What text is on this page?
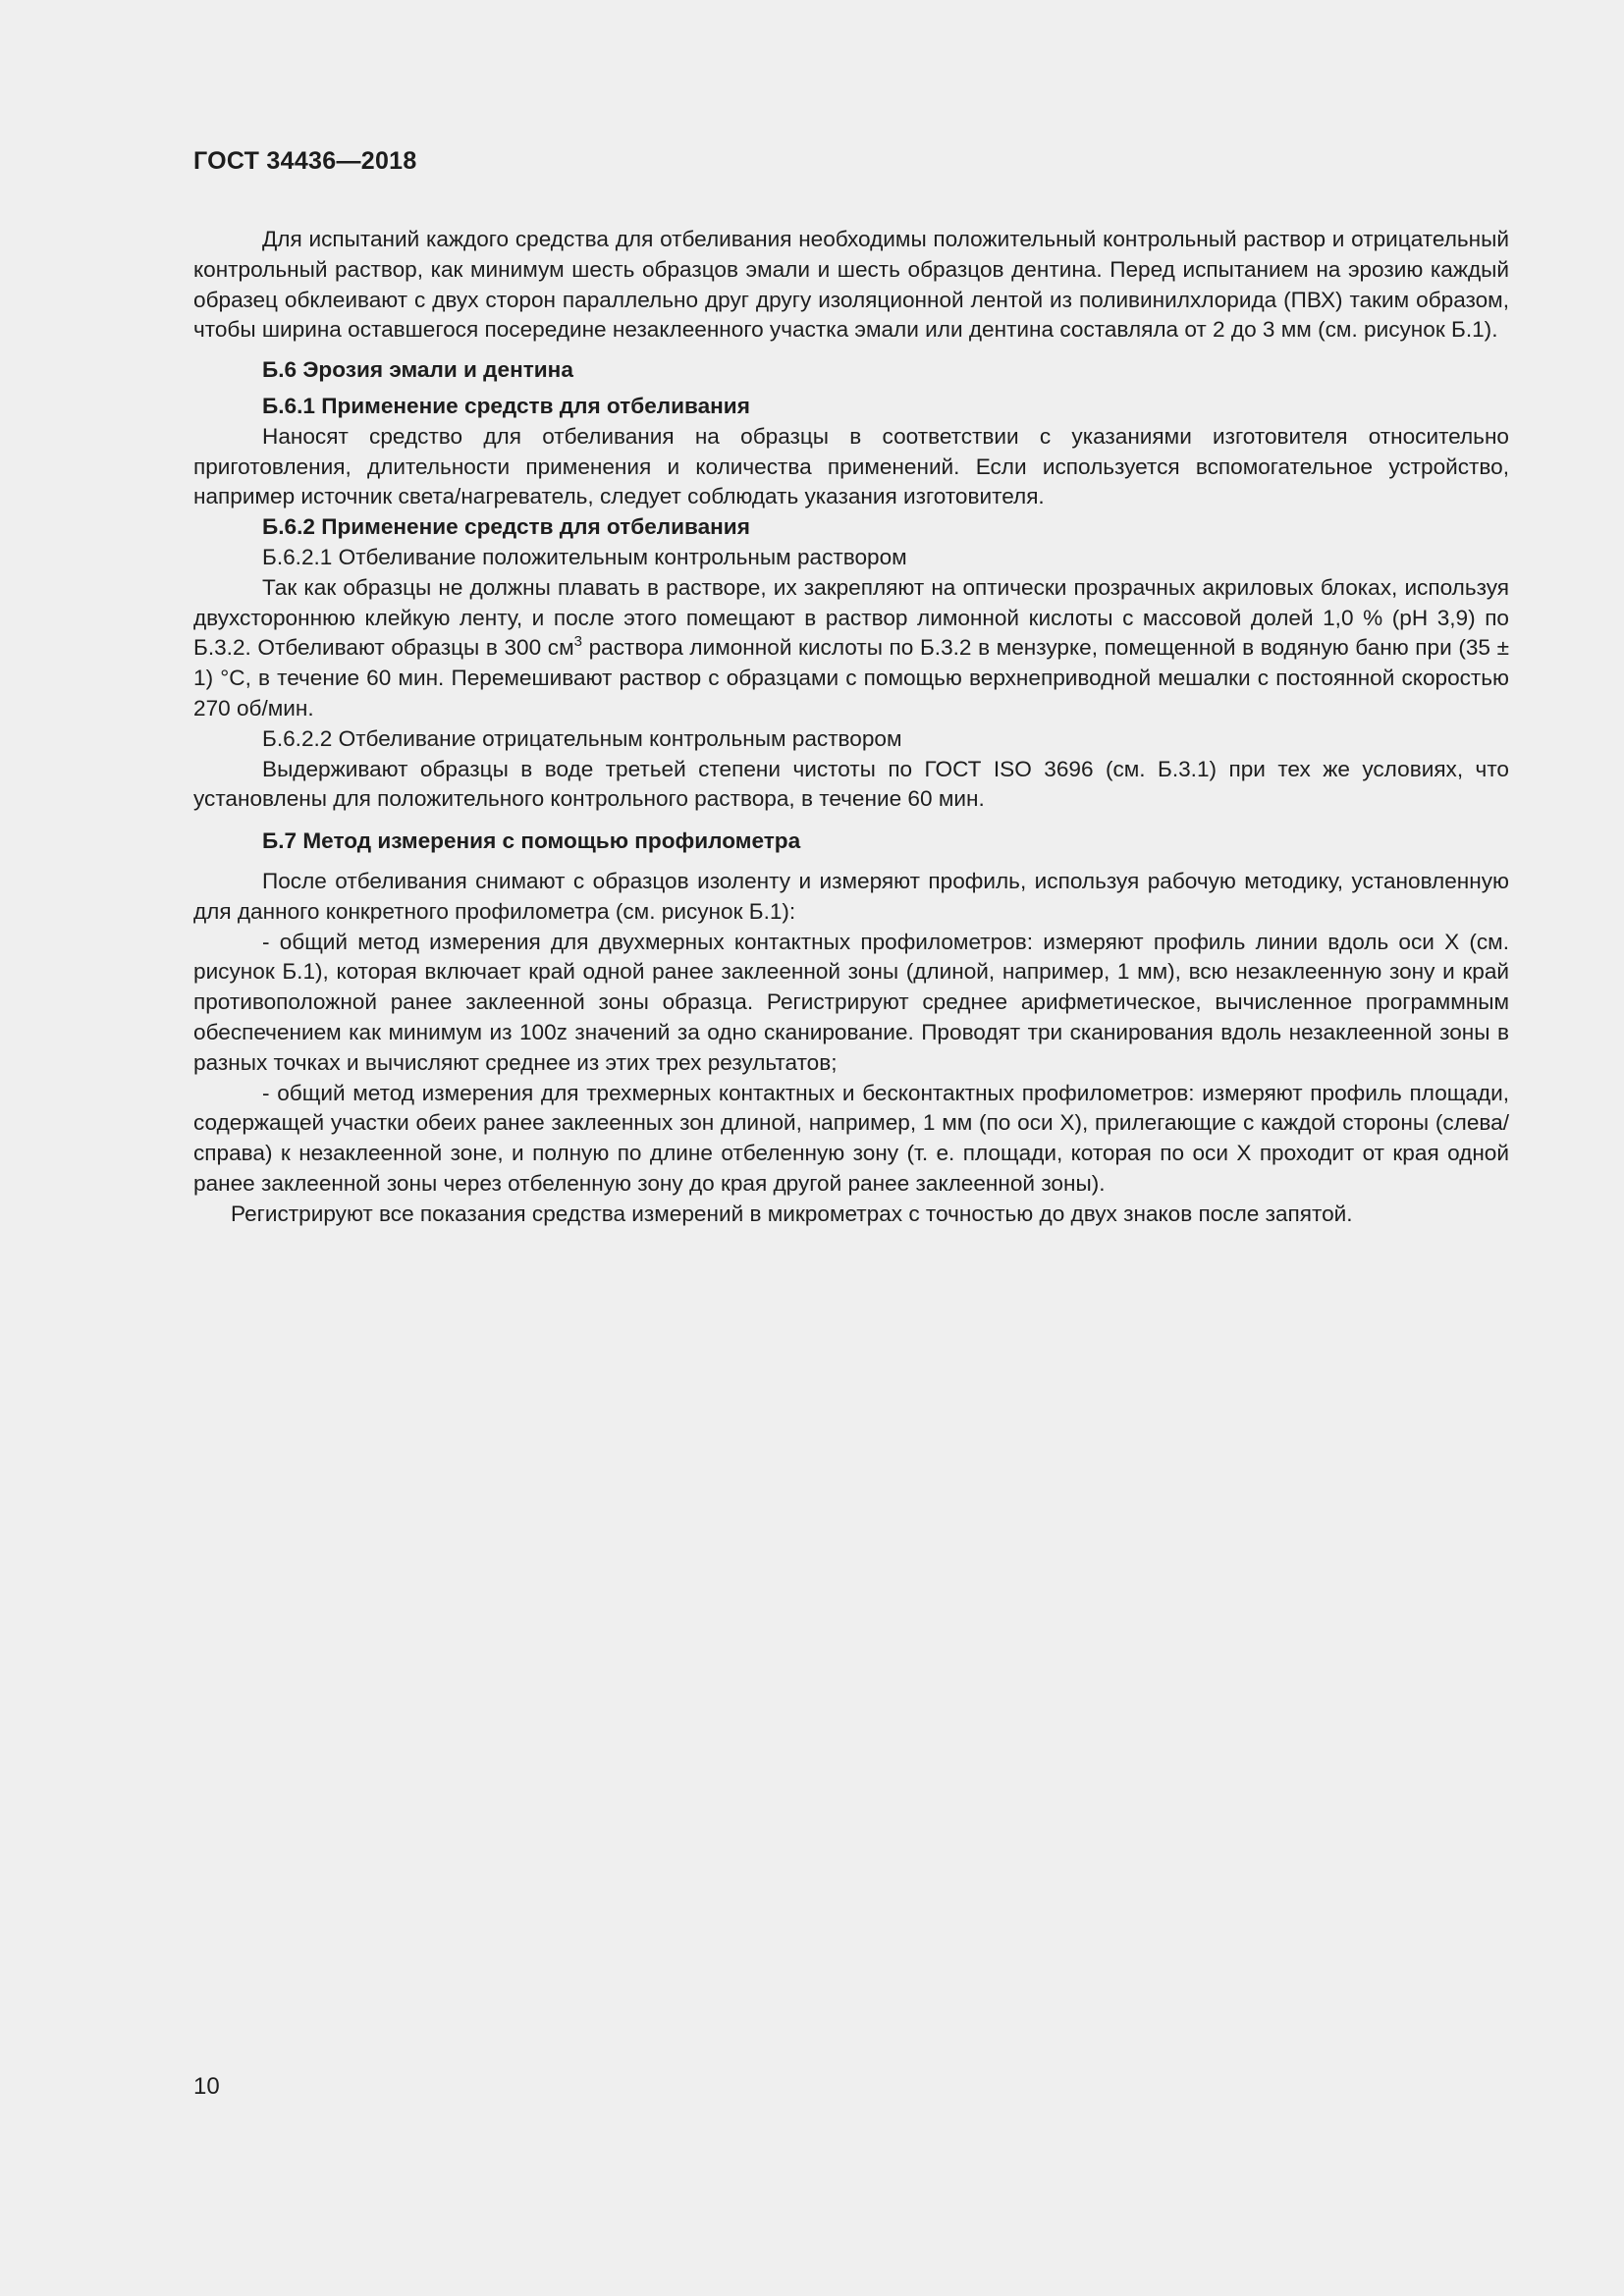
ГОСТ 34436—2018

Для испытаний каждого средства для отбеливания необходимы положительный контрольный раствор и отрицательный контрольный раствор, как минимум шесть образцов эмали и шесть образцов дентина. Перед испытанием на эрозию каждый образец обклеивают с двух сторон параллельно друг другу изоляционной лентой из поливинилхлорида (ПВХ) таким образом, чтобы ширина оставшегося посередине незаклеенного участка эмали или дентина составляла от 2 до 3 мм (см. рисунок Б.1).

Б.6 Эрозия эмали и дентина

Б.6.1 Применение средств для отбеливания

Наносят средство для отбеливания на образцы в соответствии с указаниями изготовителя относительно приготовления, длительности применения и количества применений. Если используется вспомогательное устройство, например источник света/нагреватель, следует соблюдать указания изготовителя.

Б.6.2 Применение средств для отбеливания

Б.6.2.1 Отбеливание положительным контрольным раствором

Так как образцы не должны плавать в растворе, их закрепляют на оптически прозрачных акриловых блоках, используя двухстороннюю клейкую ленту, и после этого помещают в раствор лимонной кислоты с массовой долей 1,0 % (pH 3,9) по Б.3.2. Отбеливают образцы в 300 $см^3$ раствора лимонной кислоты по Б.3.2 в мензурке, помещенной в водяную баню при (35 ± 1) °С, в течение 60 мин. Перемешивают раствор с образцами с помощью верхнеприводной мешалки с постоянной скоростью 270 об/мин.

Б.6.2.2 Отбеливание отрицательным контрольным раствором

Выдерживают образцы в воде третьей степени чистоты по ГОСТ ISO 3696 (см. Б.3.1) при тех же условиях, что установлены для положительного контрольного раствора, в течение 60 мин.

Б.7 Метод измерения с помощью профилометра

После отбеливания снимают с образцов изоленту и измеряют профиль, используя рабочую методику, установленную для данного конкретного профилометра (см. рисунок Б.1):

- общий метод измерения для двухмерных контактных профилометров: измеряют профиль линии вдоль оси X (см. рисунок Б.1), которая включает край одной ранее заклеенной зоны (длиной, например, 1 мм), всю незаклеенную зону и край противоположной ранее заклеенной зоны образца. Регистрируют среднее арифметическое, вычисленное программным обеспечением как минимум из 100z значений за одно сканирование. Проводят три сканирования вдоль незаклеенной зоны в разных точках и вычисляют среднее из этих трех результатов;

- общий метод измерения для трехмерных контактных и бесконтактных профилометров: измеряют профиль площади, содержащей участки обеих ранее заклеенных зон длиной, например, 1 мм (по оси X), прилегающие с каждой стороны (слева/справа) к незаклеенной зоне, и полную по длине отбеленную зону (т. е. площади, которая по оси X проходит от края одной ранее заклеенной зоны через отбеленную зону до края другой ранее заклеенной зоны).

Регистрируют все показания средства измерений в микрометрах с точностью до двух знаков после запятой.

10
